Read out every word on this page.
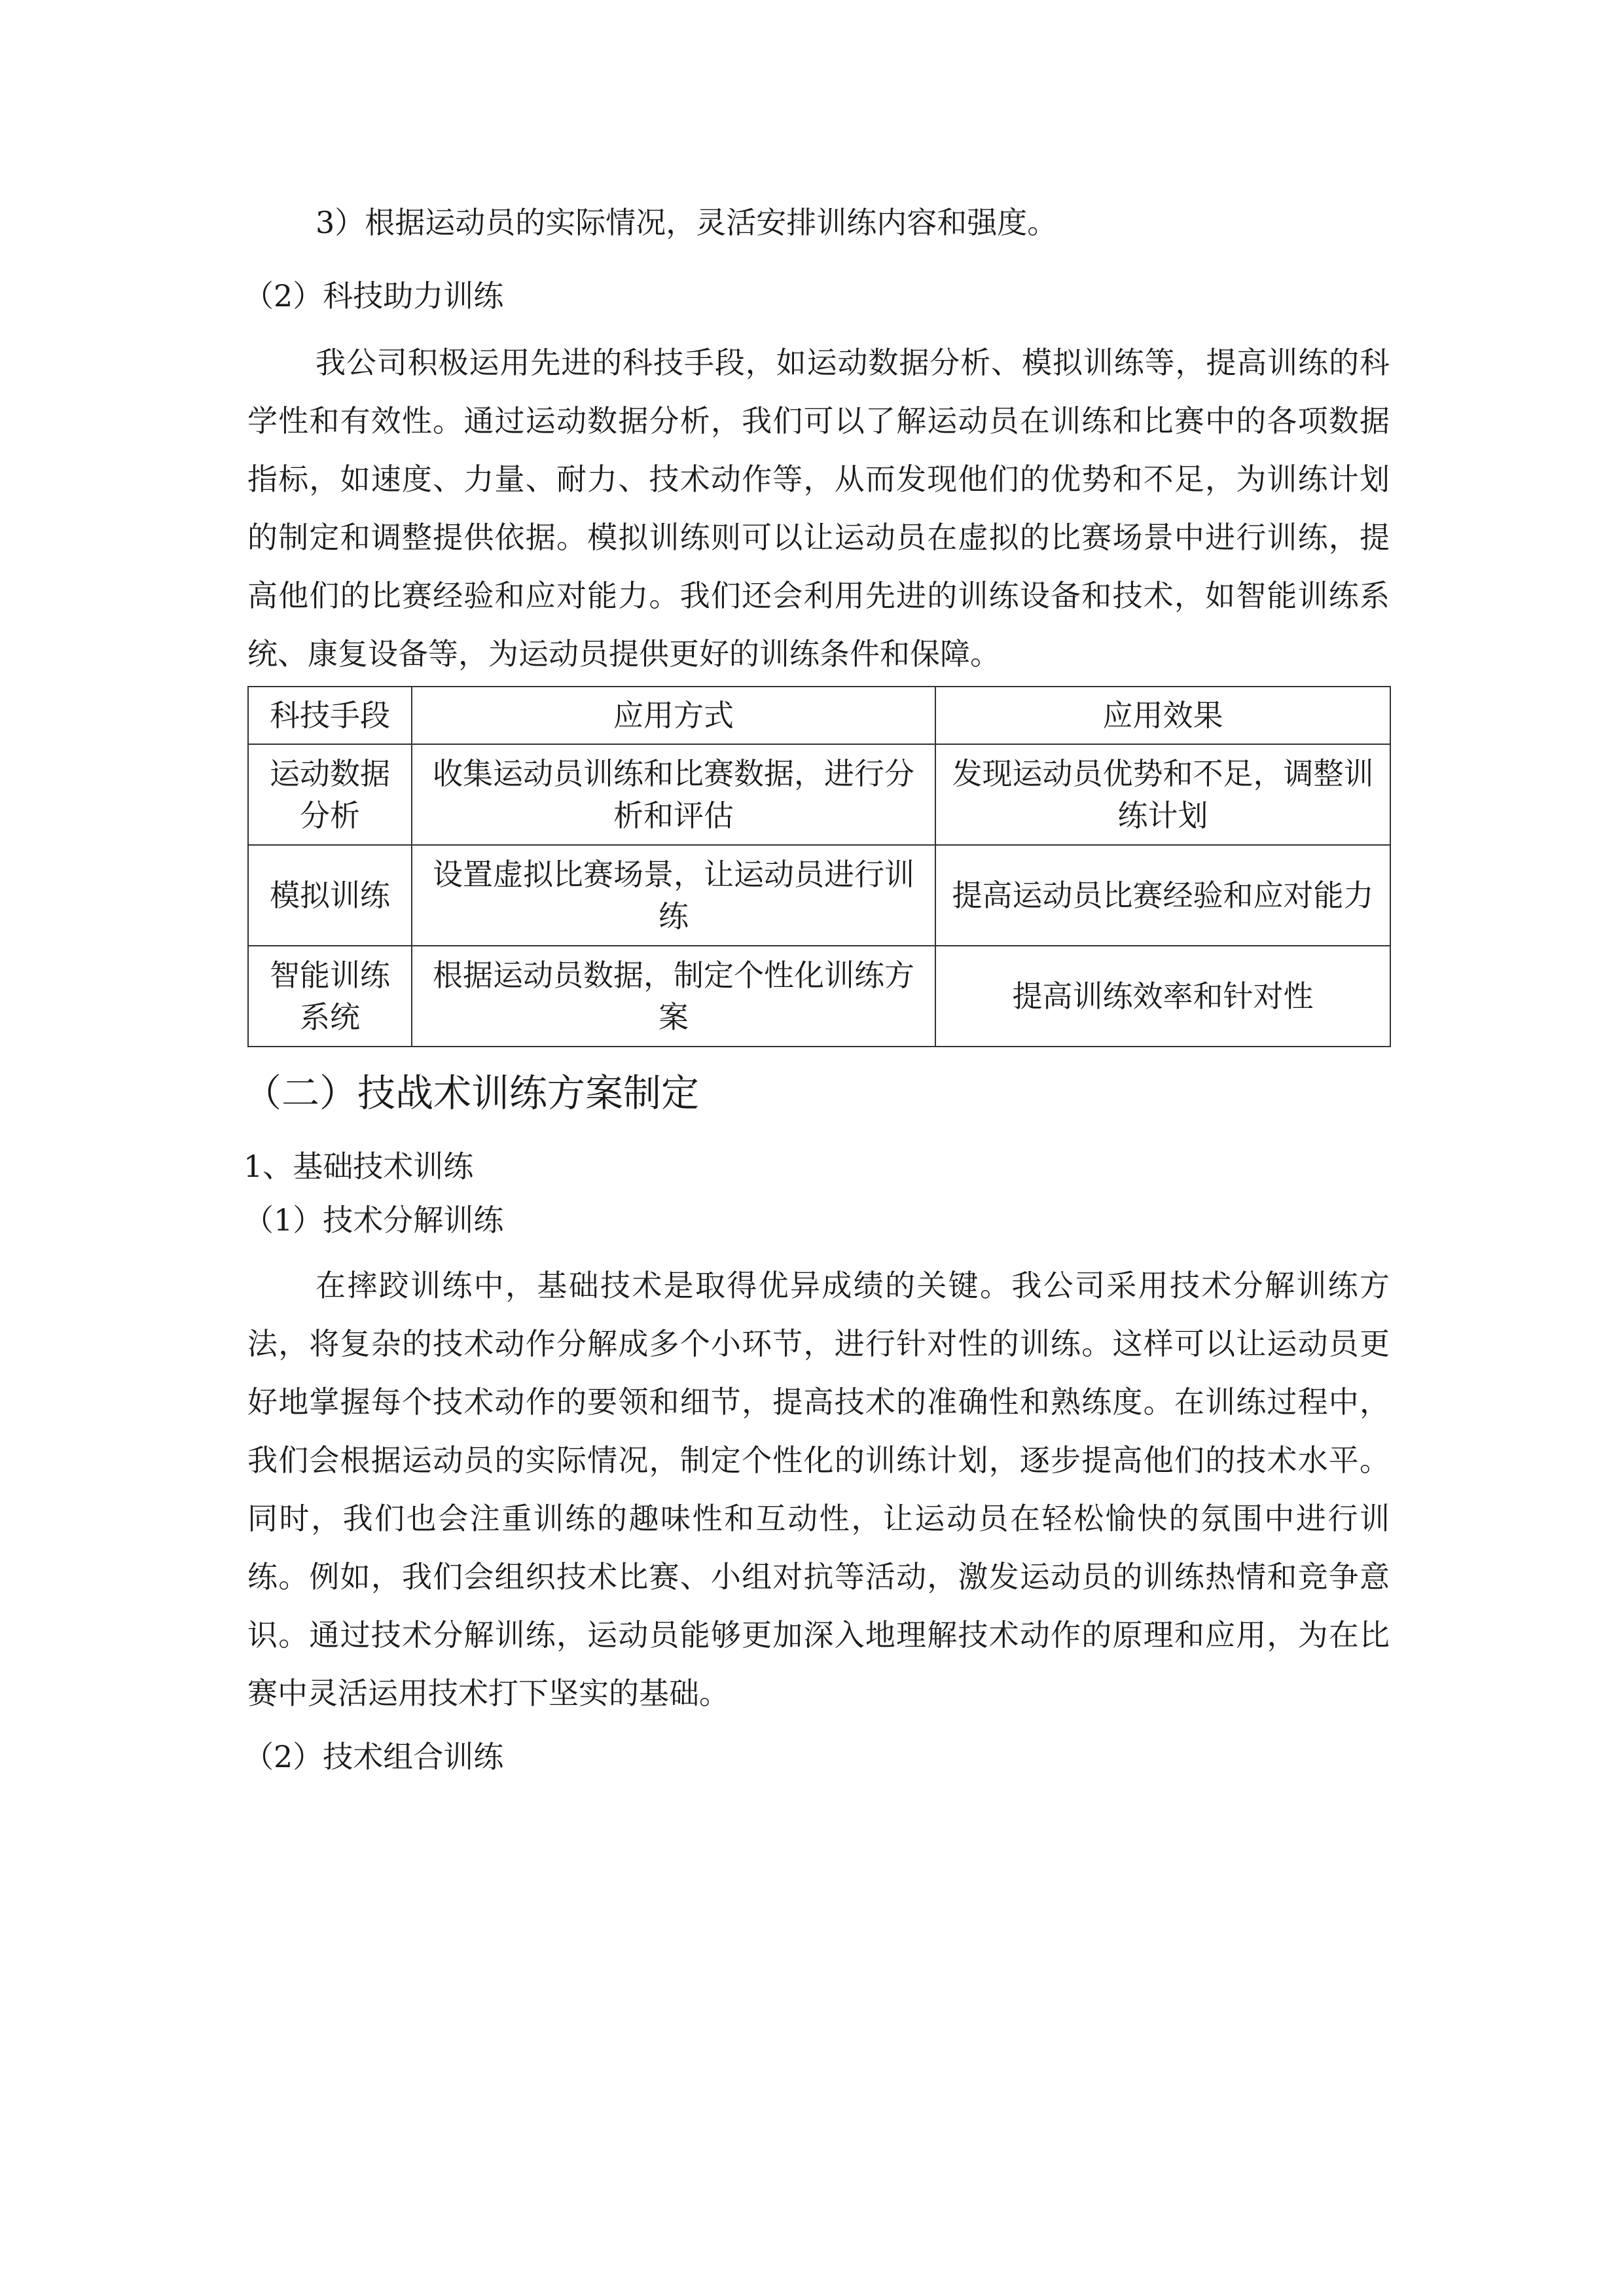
3）根据运动员的实际情况，灵活安排训练内容和强度。

（2）科技助力训练

我公司积极运用先进的科技手段，如运动数据分析、模拟训练等，提高训练的科学性和有效性。通过运动数据分析，我们可以了解运动员在训练和比赛中的各项数据指标，如速度、力量、耐力、技术动作等，从而发现他们的优势和不足，为训练计划的制定和调整提供依据。模拟训练则可以让运动员在虚拟的比赛场景中进行训练，提高他们的比赛经验和应对能力。我们还会利用先进的训练设备和技术，如智能训练系统、康复设备等，为运动员提供更好的训练条件和保障。

科技手段	应用方式	应用效果
运动数据分析	收集运动员训练和比赛数据，进行分析和评估	发现运动员优势和不足，调整训练计划
模拟训练	设置虚拟比赛场景，让运动员进行训练	提高运动员比赛经验和应对能力
智能训练系统	根据运动员数据，制定个性化训练方案	提高训练效率和针对性

（二）技战术训练方案制定

1、基础技术训练

（1）技术分解训练

在摔跤训练中，基础技术是取得优异成绩的关键。我公司采用技术分解训练方法，将复杂的技术动作分解成多个小环节，进行针对性的训练。这样可以让运动员更好地掌握每个技术动作的要领和细节，提高技术的准确性和熟练度。在训练过程中，我们会根据运动员的实际情况，制定个性化的训练计划，逐步提高他们的技术水平。同时，我们也会注重训练的趣味性和互动性，让运动员在轻松愉快的氛围中进行训练。例如，我们会组织技术比赛、小组对抗等活动，激发运动员的训练热情和竞争意识。通过技术分解训练，运动员能够更加深入地理解技术动作的原理和应用，为在比赛中灵活运用技术打下坚实的基础。

（2）技术组合训练
